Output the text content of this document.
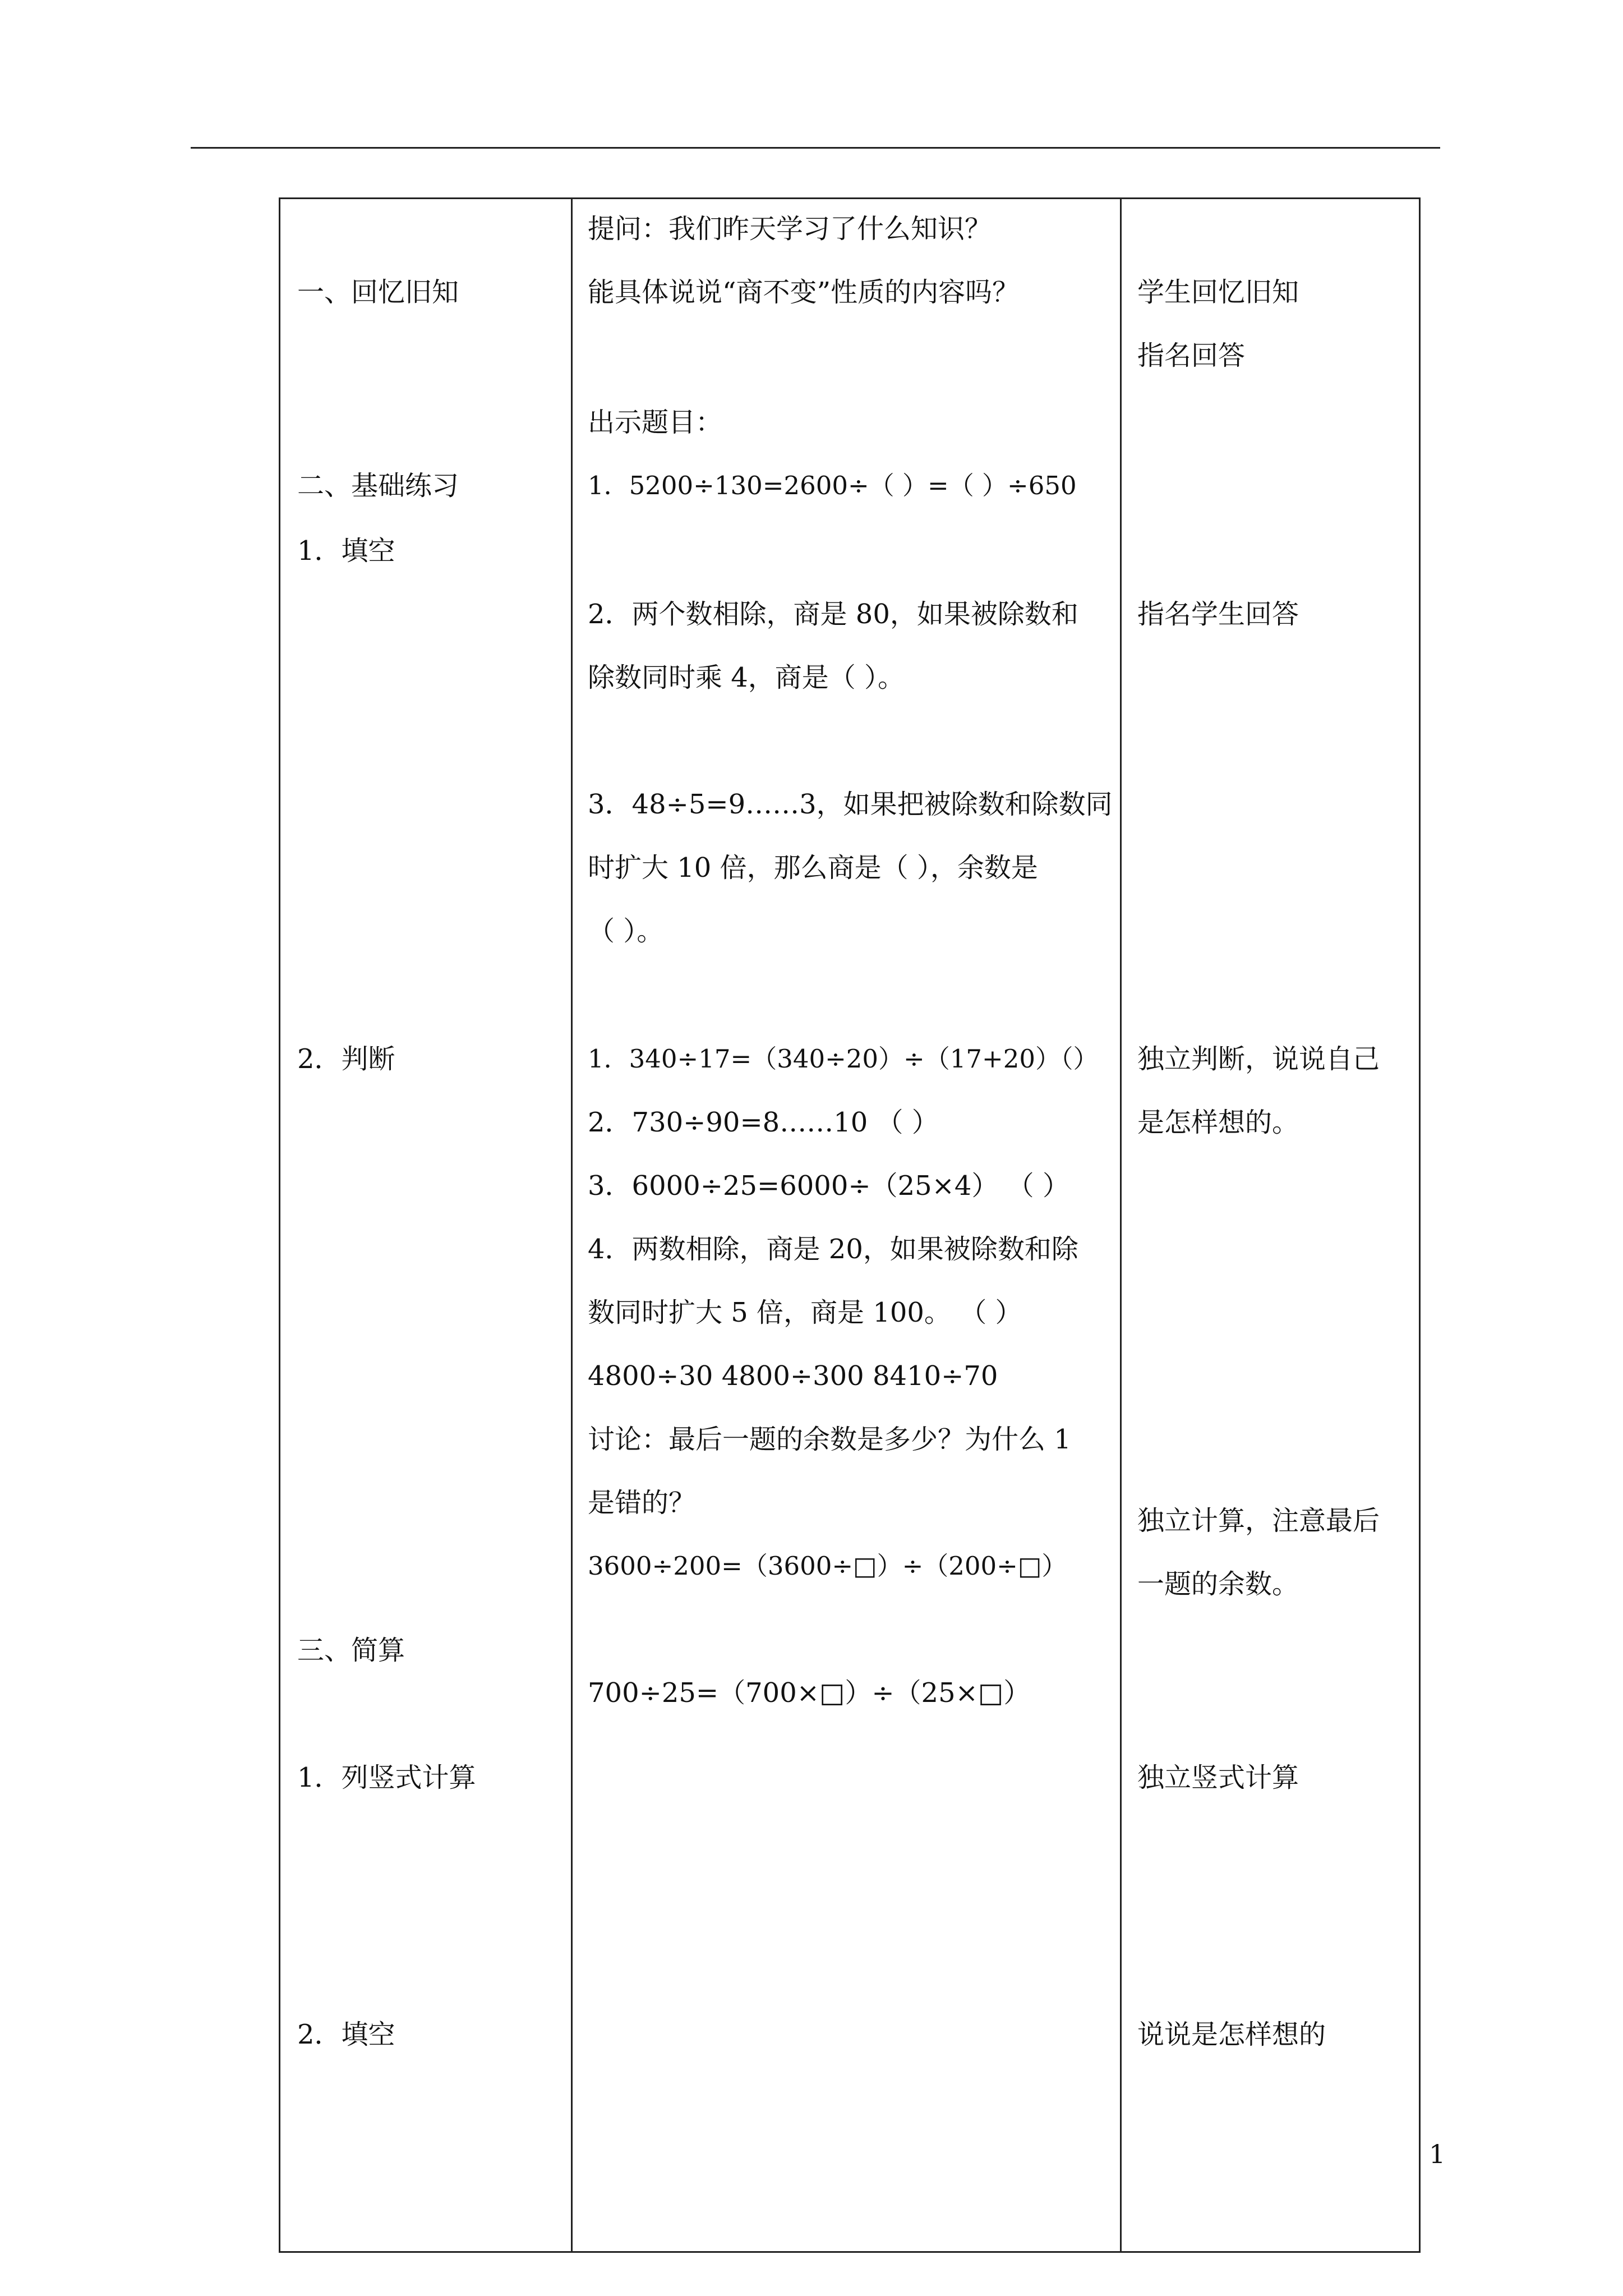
一、回忆旧知
二、基础练习
1．填空
2．判断
三、简算
1．列竖式计算
2．填空
提问：我们昨天学习了什么知识？
能具体说说“商不变”性质的内容吗？
出示题目：
1．5200÷130=2600÷（ ）=（ ）÷650
2．两个数相除，商是 80，如果被除数和
除数同时乘 4，商是（ ）。
3．48÷5=9……3，如果把被除数和除数同
时扩大 10 倍，那么商是（ ），余数是
（ ）。
1．340÷17=（340÷20）÷（17+20）（）
2．730÷90=8……10 （ ）
3．6000÷25=6000÷（25×4） （ ）
4．两数相除，商是 20，如果被除数和除
数同时扩大 5 倍，商是 100。 （ ）
4800÷30 4800÷300 8410÷70
讨论：最后一题的余数是多少？为什么 1
是错的？
3600÷200=（3600÷□）÷（200÷□）
700÷25=（700×□）÷（25×□）
学生回忆旧知
指名回答
指名学生回答
独立判断，说说自己
是怎样想的。
独立计算，注意最后
一题的余数。
独立竖式计算
说说是怎样想的
1
